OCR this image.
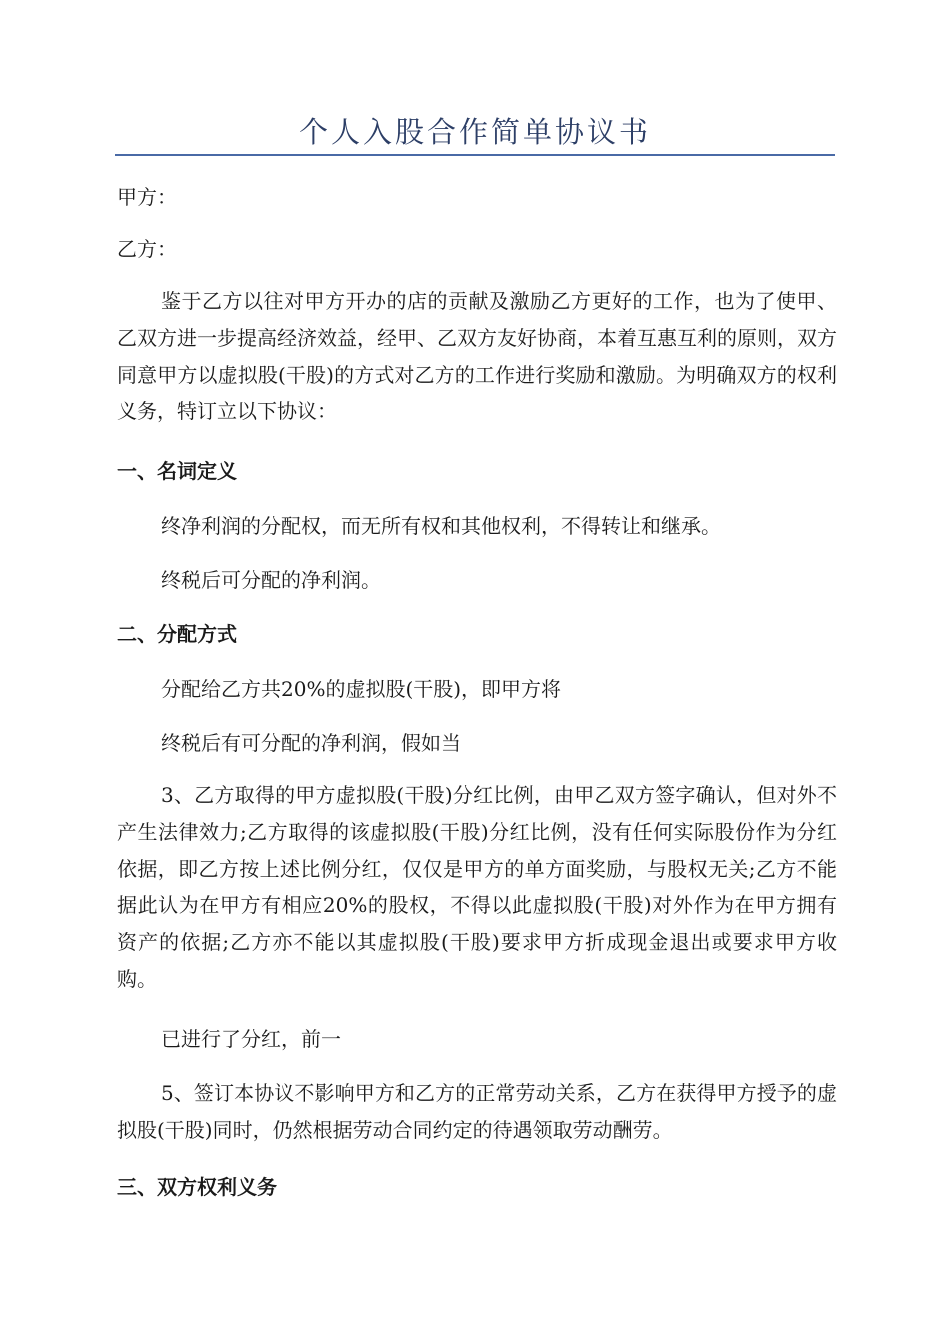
个人入股合作简单协议书
甲方：
乙方：
鉴于乙方以往对甲方开办的店的贡献及激励乙方更好的工作，也为了使甲、乙双方进一步提高经济效益，经甲、乙双方友好协商，本着互惠互利的原则，双方同意甲方以虚拟股(干股)的方式对乙方的工作进行奖励和激励。为明确双方的权利义务，特订立以下协议：
一、名词定义
终净利润的分配权，而无所有权和其他权利，不得转让和继承。
终税后可分配的净利润。
二、分配方式
分配给乙方共20%的虚拟股(干股)，即甲方将
终税后有可分配的净利润，假如当
3、乙方取得的甲方虚拟股(干股)分红比例，由甲乙双方签字确认，但对外不产生法律效力;乙方取得的该虚拟股(干股)分红比例，没有任何实际股份作为分红依据，即乙方按上述比例分红，仅仅是甲方的单方面奖励，与股权无关;乙方不能据此认为在甲方有相应20%的股权，不得以此虚拟股(干股)对外作为在甲方拥有资产的依据;乙方亦不能以其虚拟股(干股)要求甲方折成现金退出或要求甲方收购。
已进行了分红，前一
5、签订本协议不影响甲方和乙方的正常劳动关系，乙方在获得甲方授予的虚拟股(干股)同时，仍然根据劳动合同约定的待遇领取劳动酬劳。
三、双方权利义务
